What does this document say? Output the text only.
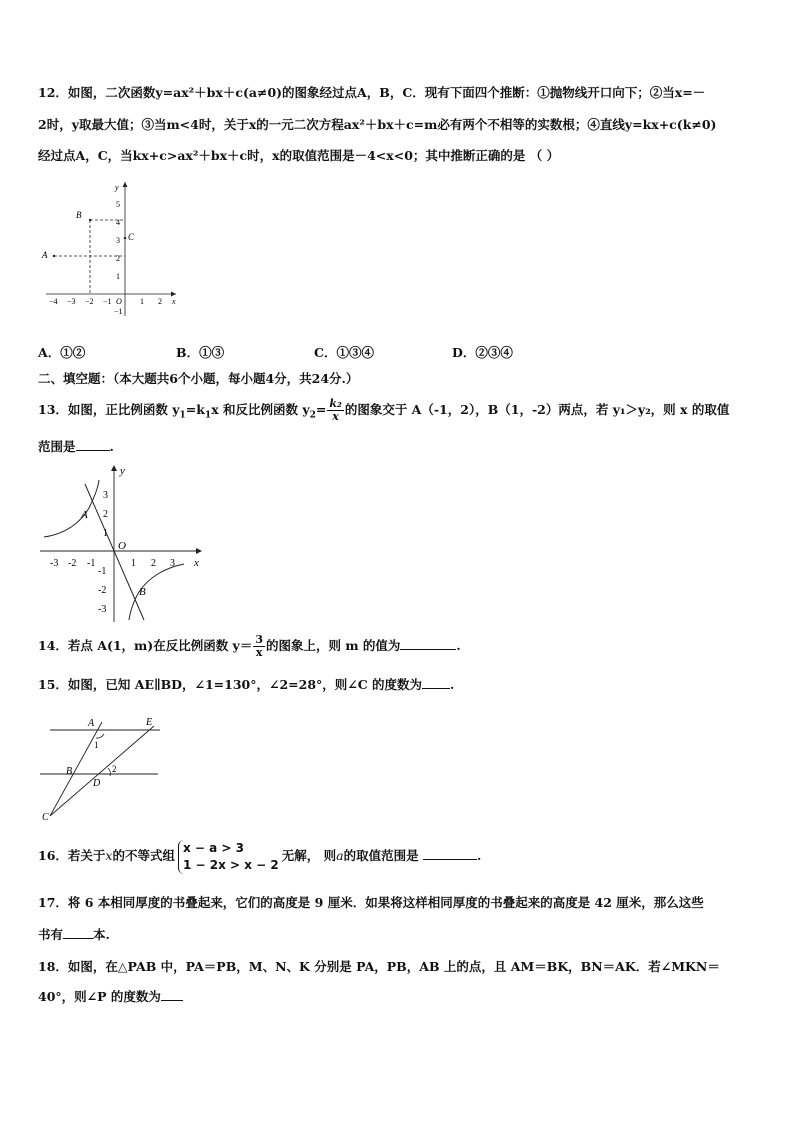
12．如图，二次函数y=ax²＋bx＋c(a≠0)的图象经过点A，B，C．现有下面四个推断：①抛物线开口向下；②当x=－
2时，y取最大值；③当m<4时，关于x的一元二次方程ax²＋bx＋c=m必有两个不相等的实数根；④直线y=kx+c(k≠0)
经过点A，C，当kx+c>ax²＋bx＋c时，x的取值范围是－4<x<0；其中推断正确的是 （ ）
A
B
C
−4 −3 −2 −1 O 1 2 x
5
4
3
2
1
−1
y
A．①②	B．①③	C．①③④	D．②③④
二、填空题：（本大题共6个小题，每小题4分，共24分.）
13．如图，正比例函数 $y_1=k_1x$ 和反比例函数 $y_2= \frac{\text{k₂}}{x}$ 的图象交于 A（-1，2），B（1，-2）两点，若 y₁＞y₂，则 x 的取值
范围是	.
A
B
O
-3 -2 -1	1 2 3 x
3
2
1
-1
-2
-3
y
14．若点 A(1，m)在反比例函数 $y= \frac{3}{x}$ 的图象上，则 m 的值为	.
15．如图，已知 AE∥BD，∠1=130°，∠2=28°，则∠C 的度数为 .
A	E
1
B	2
D
C
16．若关于x的不等式组
x − a > 3
1 − 2x > x − 2
无解， 则a的取值范围是	.
17．将 6 本相同厚度的书叠起来，它们的高度是 9 厘米．如果将这样相同厚度的书叠起来的高度是 42 厘米，那么这些
书有 本.
18．如图，在△PAB 中，PA＝PB，M、N、K 分别是 PA，PB，AB 上的点，且 AM＝BK，BN＝AK．若∠MKN＝
40°，则∠P 的度数为
